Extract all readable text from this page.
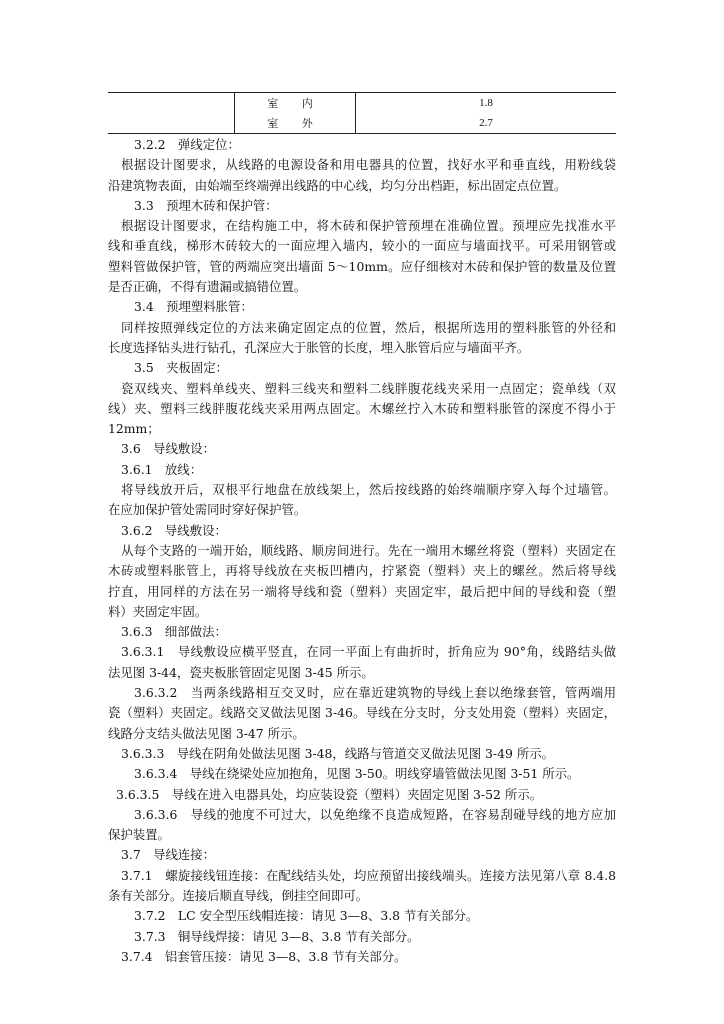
	室 内	1.8
	室 外	2.7

3.2.2　弹线定位：

根据设计图要求，从线路的电源设备和用电器具的位置，找好水平和垂直线，用粉线袋

沿建筑物表面，由始端至终端弹出线路的中心线，均匀分出档距，标出固定点位置。

3.3　预埋木砖和保护管：

根据设计图要求，在结构施工中，将木砖和保护管预埋在准确位置。预埋应先找准水平

线和垂直线，梯形木砖较大的一面应埋入墙内，较小的一面应与墙面找平。可采用钢管或

塑料管做保护管，管的两端应突出墙面 5～10mm。应仔细核对木砖和保护管的数量及位置

是否正确，不得有遗漏或搞错位置。

3.4　预埋塑料胀管：

同样按照弹线定位的方法来确定固定点的位置，然后，根据所选用的塑料胀管的外径和

长度选择钻头进行钻孔，孔深应大于胀管的长度，埋入胀管后应与墙面平齐。

3.5　夹板固定：

瓷双线夹、塑料单线夹、塑料三线夹和塑料二线胖腹花线夹采用一点固定；瓷单线（双

线）夹、塑料三线胖腹花线夹采用两点固定。木螺丝拧入木砖和塑料胀管的深度不得小于

12mm；

3.6　导线敷设：

3.6.1　放线：

将导线放开后，双根平行地盘在放线架上，然后按线路的始终端顺序穿入每个过墙管。

在应加保护管处需同时穿好保护管。

3.6.2　导线敷设：

从每个支路的一端开始，顺线路、顺房间进行。先在一端用木螺丝将瓷（塑料）夹固定在

木砖或塑料胀管上，再将导线放在夹板凹槽内，拧紧瓷（塑料）夹上的螺丝。然后将导线

拧直，用同样的方法在另一端将导线和瓷（塑料）夹固定牢，最后把中间的导线和瓷（塑

料）夹固定牢固。

3.6.3　细部做法：

3.6.3.1　导线敷设应横平竖直，在同一平面上有曲折时，折角应为 90°角，线路结头做

法见图 3-44，瓷夹板胀管固定见图 3-45 所示。

3.6.3.2　当两条线路相互交叉时，应在靠近建筑物的导线上套以绝缘套管，管两端用

瓷（塑料）夹固定。线路交叉做法见图 3-46。导线在分支时，分支处用瓷（塑料）夹固定，

线路分支结头做法见图 3-47 所示。

3.6.3.3　导线在阴角处做法见图 3-48，线路与管道交叉做法见图 3-49 所示。

3.6.3.4　导线在绕梁处应加抱角，见图 3-50。明线穿墙管做法见图 3-51 所示。

3.6.3.5　导线在进入电器具处，均应装设瓷（塑料）夹固定见图 3-52 所示。

3.6.3.6　导线的弛度不可过大，以免绝缘不良造成短路，在容易刮碰导线的地方应加

保护装置。

3.7　导线连接：

3.7.1　螺旋接线钮连接：在配线结头处，均应预留出接线端头。连接方法见第八章 8.4.8

条有关部分。连接后顺直导线，倒挂空间即可。

3.7.2　LC 安全型压线帽连接：请见 3—8、3.8 节有关部分。

3.7.3　铜导线焊接：请见 3—8、3.8 节有关部分。

3.7.4　铝套管压接：请见 3—8、3.8 节有关部分。
